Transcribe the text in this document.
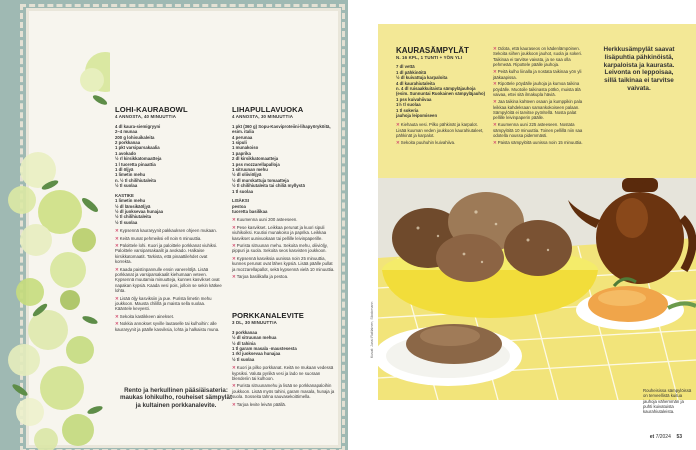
LOHI-KAURABOWL
4 ANNOSTA, 40 MINUUTTIA
4 dl kaura-siemigryyni
2–4 munaa
200 g lohisuikaleita
2 porkkanaa
1 pkt varsiparsakaalia
1 avokado
½ rl kirsikkatomaatteja
1 l tuoretta pinaattia
1 dl öljyä
1 limetin mehu
n. ½ tl chilihiutaleita
½ tl suolaa
KASTIKE
1 limetin mehu
½ dl lämsikäöljyä
½ dl juoksevaa hunajaa
½ tl chilihiutaleita
½ tl suolaa
✕ Kypsennä kauraryynit pakkauksen ohjeen mukaan.
✕ Keitä munat pehmeiksi ell noin 6 minuuttia.
✕ Paloittele lohi. Kuori ja paloittele porkkanat viuhiksi. Paloittele varsiparsakaalit ja avokado. Halkaise kirsikkatomaatit. Tarkista, että pinaattilehdet ovat korrekta.
✕ Kaada paistinpannulle ensin vanerelöljä. Lisää porkkanat ja varsiparsakaalit kiehumaan veteen. Kypsennä muutamia minuutteja, kunnes kasvikset ovat napakan kypsiä. Kaada vesi pois, jolloin se sekin kätkee lohta.
✕ Lisää öljy kasviksiin ja pue. Purista limetin mehu joukkoon. Mausta chilillä ja maista sella suolaa. Kääntele kevyesti.
✕ Sekoita kastikkeen ainekset.
✕ Nokkia annokset syville lautaselle tai kulhoihin: alle kauraryynit ja päälle kasviksia, lohta ja halkaistu muna.
LIHAPULLAVUOKA
4 ANNOSTA, 30 MINUUTTIA
1 pkt (360 g) Sopu-Kasviproteiini-lihapyöryköitä, esim. italia
4 perunaa
1 sipuli
1 munakoiso
1 paprika
2 dl kirsikkatomaatteja
1 pss mozzarellapalloja
1 sitruunan mehu
½ dl oliiviöljyä
½ dl murskattuja tomaatteja
½ tl chilihiutaleita tai chiliä myllystä
1 tl suolaa
LISÄKSI
pestoa
tuoretta basilikaa
✕ Kuumenna uuni 200 asteeseen.
✕ Pese kasvikset. Leikkaa perunat ja kuori sipuli viuhikoiksi. Kuutioi munakoiso ja paprika. Leikkaa kasvikset uunivuokaan tai pellille leivinpaperille.
✕ Purista sitruunan mehu. Sekoita mehu, oliiviöljy, pippuri ja suola. Sekoita seos kasvisten joukkoon.
✕ Kypsennä kasviksia uunissa noin 25 minuuttia, kunnes perunat ovat lähes kypsiä. Lisää päälle pullat ja mozzarellapallot, sekä kypsennä vielä 10 minuuttia.
✕ Tarjoa basilikalla ja pestoa.
PORKKANALEVITE
3 DL, 30 MINUUTTIA
3 porkkanaa
½ dl sitruunan mehua
½ dl tahinia
1 tl garam masala -maustesesta
1 rkl juoksevaa hunajaa
½ tl suolaa
✕ Kuori ja pilko porkkanat. Keitä ne mukaan vedessä kypsiksi. Valuta pyriikä vesi ja lado ne suoraan blenderiin tai kulhoon.
✕ Purista sitruunamehu ja lisää se porkkanapaloihin joukkoon. Lisää myös tahini, garam masala, hunaja ja suola. Sosseita tahna sauvasekoittimella.
✕ Tarjoa levite leivän päällä.
Rento ja herkullinen pääsiäisateria: maukas lohikulho, rouheiset sämpylät ja kultainen porkkanalevite.
KAURASÄMPYLÄT
N. 16 KPL, 1 TUNTI + YÖN YLI
7 dl vettä
1 dl pähkinöitä
½ dl kuivattuja karpaloita
4 dl kaurahiutaleita
n. 4 dl ruisaakkuitaista sämpyläjauhoja (esim. Sunnuntai Ruokainen sämpyläjauho)
1 pss kuivahiivaa
1½ tl suolaa
1 tl sokeria
jauhoja leipomiseen
✕ Kiehauta vesi. Pilko pähkinät ja karpalot. Lisää kuuman veden joukkoon kaurahiutaleet, pähkinät ja karpalot.
✕ Sekoita puuhuhin kuivahiiva.
✕ Odota, että kauraseos on kädenlämpöinen. Sekoita siihen joukkoon jauhot, suola ja sokeri. Taikinaa ei tarvitse vaivata, ja se saa olla pehmeää. Ripottele päälle jauhoja.
✕ Peitä kulho liinalla ja nostata taikinaa yön yli jääkaapissa.
✕ Ripottele pöydälle jauhoja ja kumoa taikina pöydälle. Muotoile taikinasta pötkö, muista älä vaivaa, ettei sitä ilmakupla häviä.
✕ Jaa taikina kahteen osaan ja kumppikin pala leikkaa kahdeksaan samankokoiseen palaan. Sämpylöitä ei tarvitse pyöritellä. Nosta palat pellille leivinpaperin päälle.
✕ Kuumenna uuni 225 asteeseen. Nostata sämpylöitä 10 minuuttia. Toinen pellillä niin saa odotella noussa pidemmästi.
✕ Paista sämpylöitä uunissa noin 15 minuuttia.
Herkkusämpylät saavat lisäpuhtia pähkinöistä, karpaloista ja kaurasta. Leivonta on leppoisaa, sillä taikinaa ei tarvitse vaivata.
Kuvat: Jussi Ratilainen, Stockmann
Rouheisissa sämpylöissä on terveellistä kuitua jauhoja vähemmän ja puhti kuivatuista kaurahiutaleista.
et 7/2024 53
